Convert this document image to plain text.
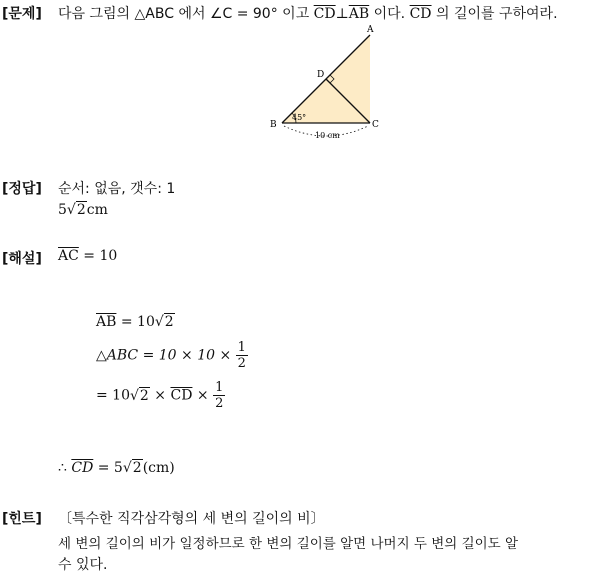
[문제] 다음 그림의 △ABC 에서 ∠C = 90° 이고 $\overline{CD}\perp\overline{AB}$ 이다. $\overline{CD}$ 의 길이를 구하여라.
A
B	C
D
45°
10 cm
[정답] 순서: 없음, 갯수: 1
5√2cm
[해설] $\overline{AC} = 10$
$\overline{AB} = 10√2$
△ABC = $10 \times 10 \times \frac{1}{2}$
= $10√2 \times \overline{CD} \times \frac{1}{2}$
∴ $\overline{CD} = 5√2(cm)$
[힌트] 〔특수한 직각삼각형의 세 변의 길이의 비〕
세 변의 길이의 비가 일정하므로 한 변의 길이를 알면 나머지 두 변의 길이도 알
수 있다.
